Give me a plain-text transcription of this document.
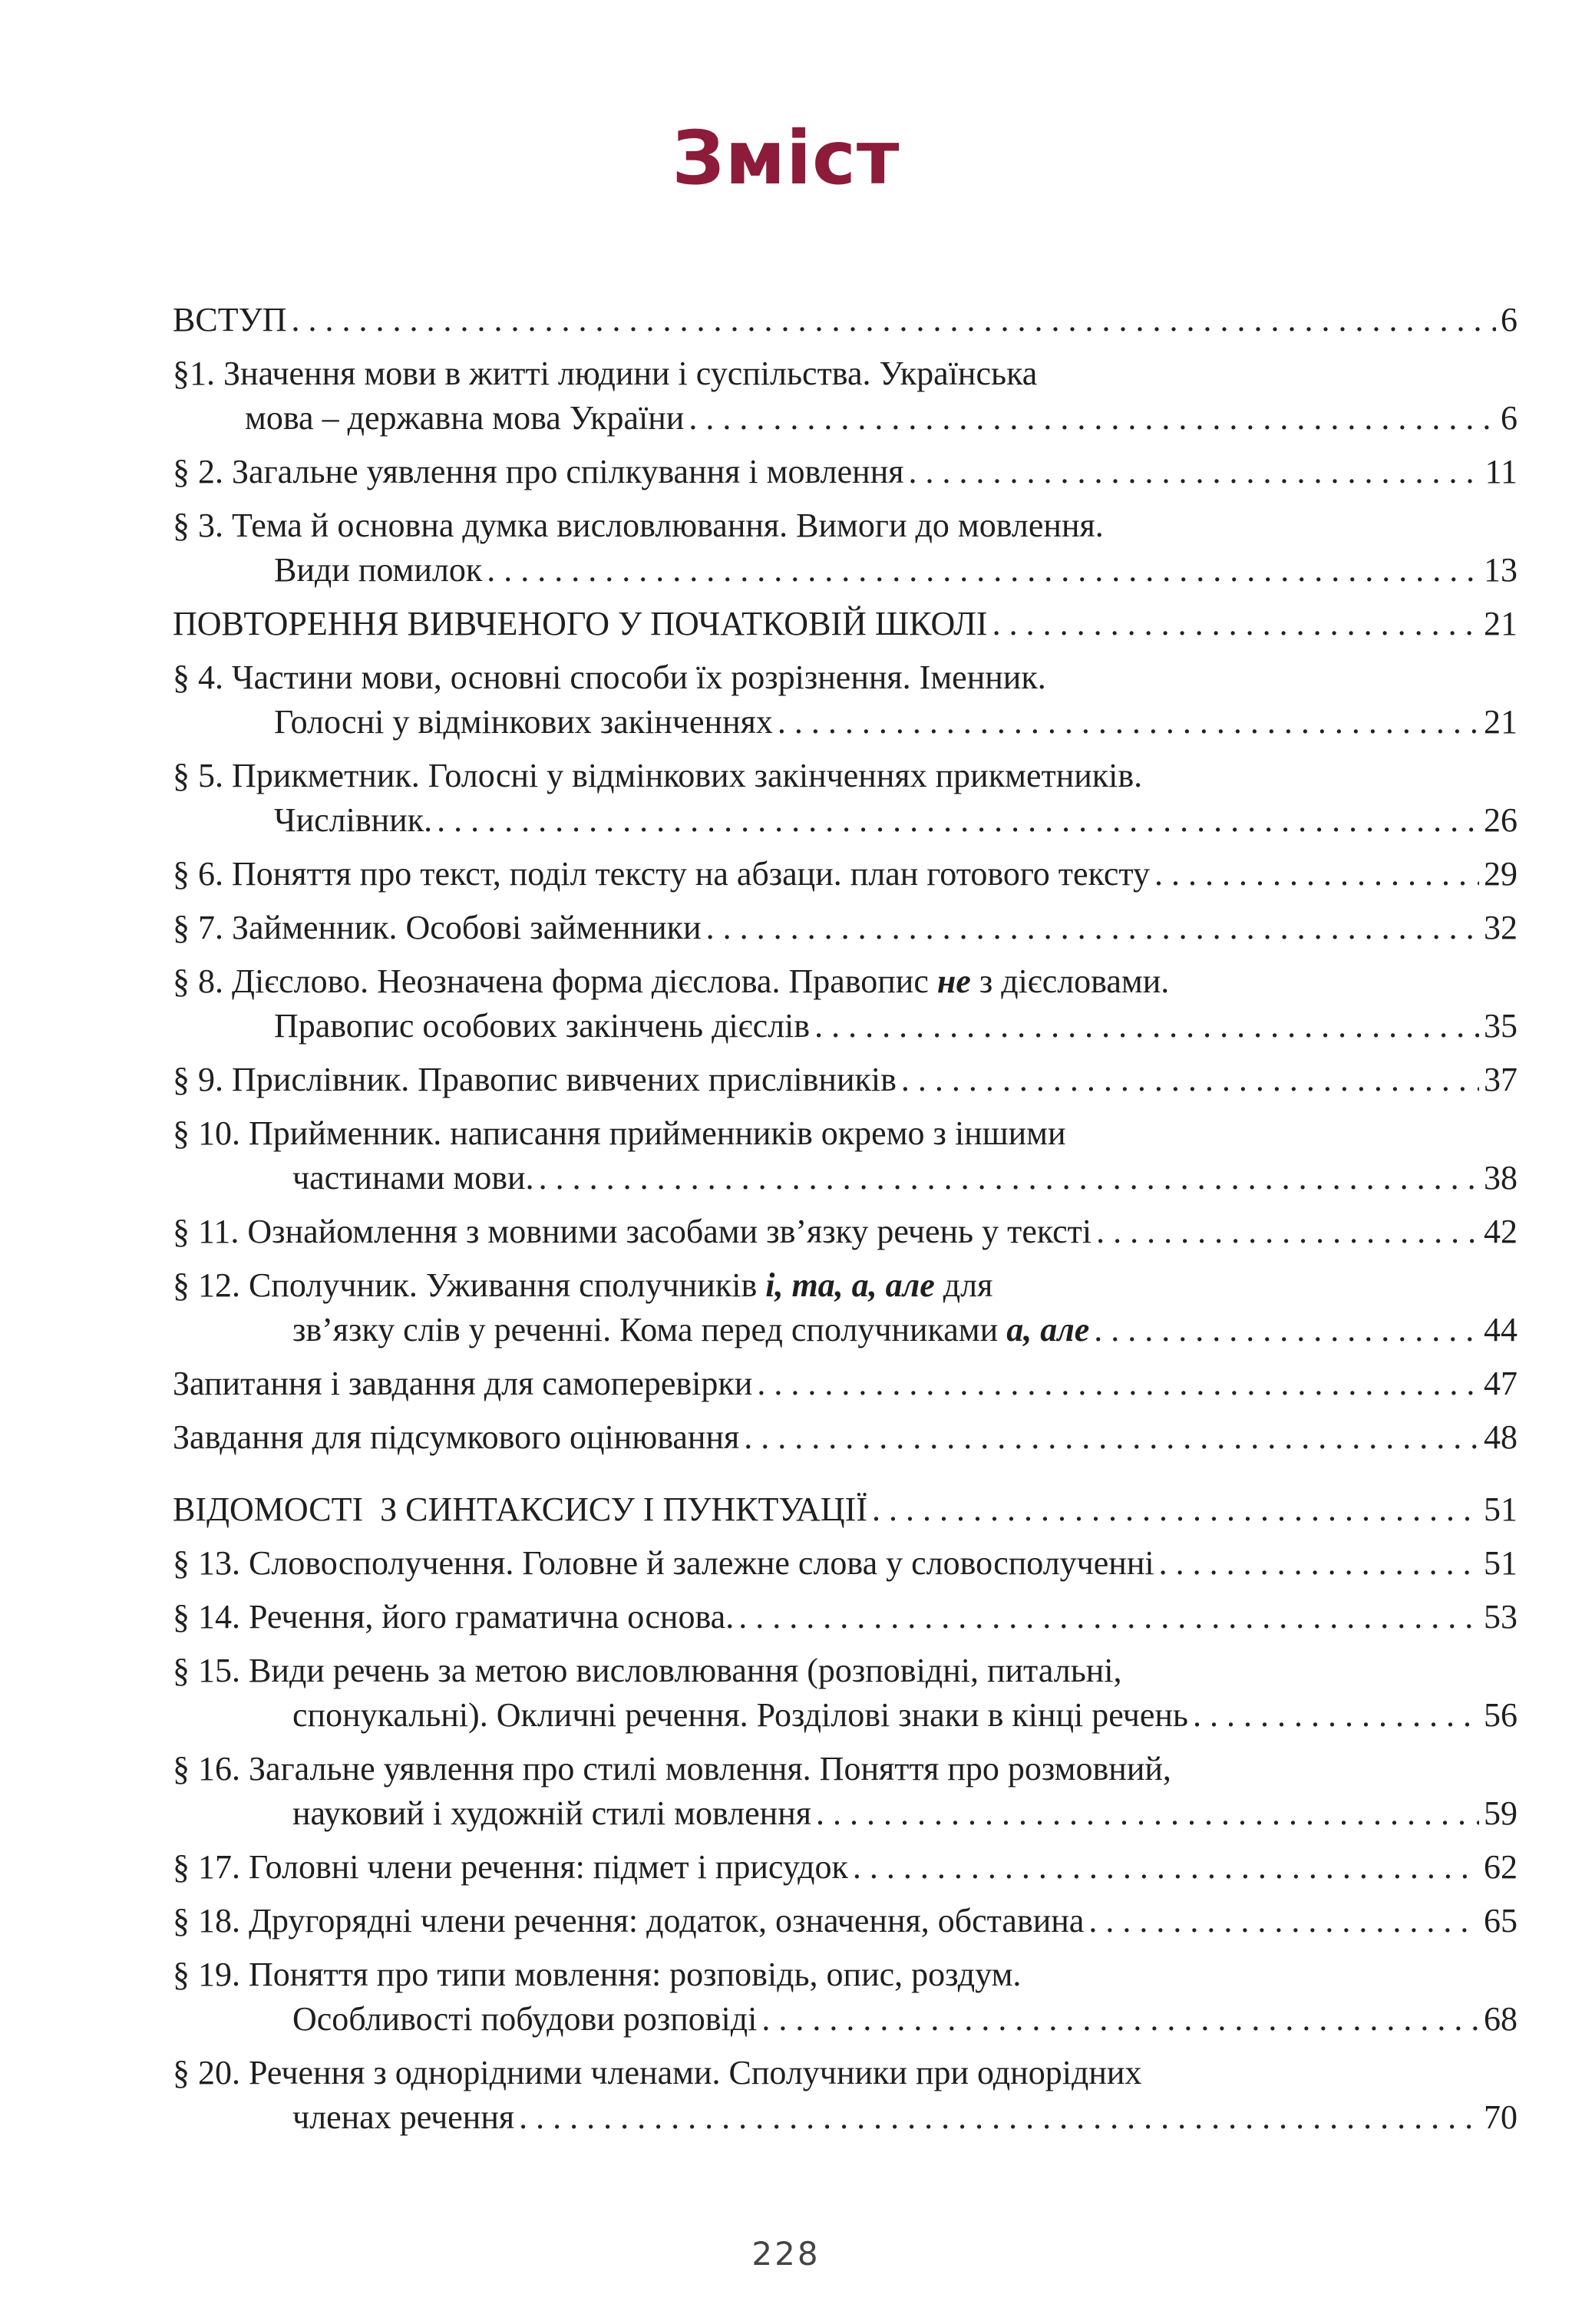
Зміст
ВСТУП .....	6
§1. Значення мови в житті людини і суспільства. Українська
мова – державна мова України .....	6
§ 2. Загальне уявлення про спілкування і мовлення .....	11
§ 3. Тема й основна думка висловлювання. Вимоги до мовлення.
Види помилок .....	13
ПОВТОРЕННЯ ВИВЧЕНОГО У ПОЧАТКОВІЙ ШКОЛІ .....	21
§ 4. Частини мови, основні способи їх розрізнення. Іменник.
Голосні у відмінкових закінченнях .....	21
§ 5. Прикметник. Голосні у відмінкових закінченнях прикметників.
Числівник. .....	26
§ 6. Поняття про текст, поділ тексту на абзаци. план готового тексту .....	29
§ 7. Займенник. Особові займенники .....	32
§ 8. Дієслово. Неозначена форма дієслова. Правопис не з дієсловами.
Правопис особових закінчень дієслів .....	35
§ 9. Прислівник. Правопис вивчених прислівників .....	37
§ 10. Прийменник. написання прийменників окремо з іншими
частинами мови. .....	38
§ 11. Ознайомлення з мовними засобами зв’язку речень у тексті .....	42
§ 12. Сполучник. Уживання сполучників і, та, а, але для
зв’язку слів у реченні. Кома перед сполучниками а, але .....	44
Запитання і завдання для самоперевірки .....	47
Завдання для підсумкового оцінювання .....	48
ВІДОМОСТІ  З СИНТАКСИСУ І ПУНКТУАЦІЇ .....	51
§ 13. Словосполучення. Головне й залежне слова у словосполученні .....	51
§ 14. Речення, його граматична основа. .....	53
§ 15. Види речень за метою висловлювання (розповідні, питальні,
спонукальні). Окличні речення. Розділові знаки в кінці речень .....	56
§ 16. Загальне уявлення про стилі мовлення. Поняття про розмовний,
науковий і художній стилі мовлення .....	59
§ 17. Головні члени речення: підмет і присудок .....	62
§ 18. Другорядні члени речення: додаток, означення, обставина .....	65
§ 19. Поняття про типи мовлення: розповідь, опис, роздум.
Особливості побудови розповіді .....	68
§ 20. Речення з однорідними членами. Сполучники при однорідних
членах речення .....	70
228
